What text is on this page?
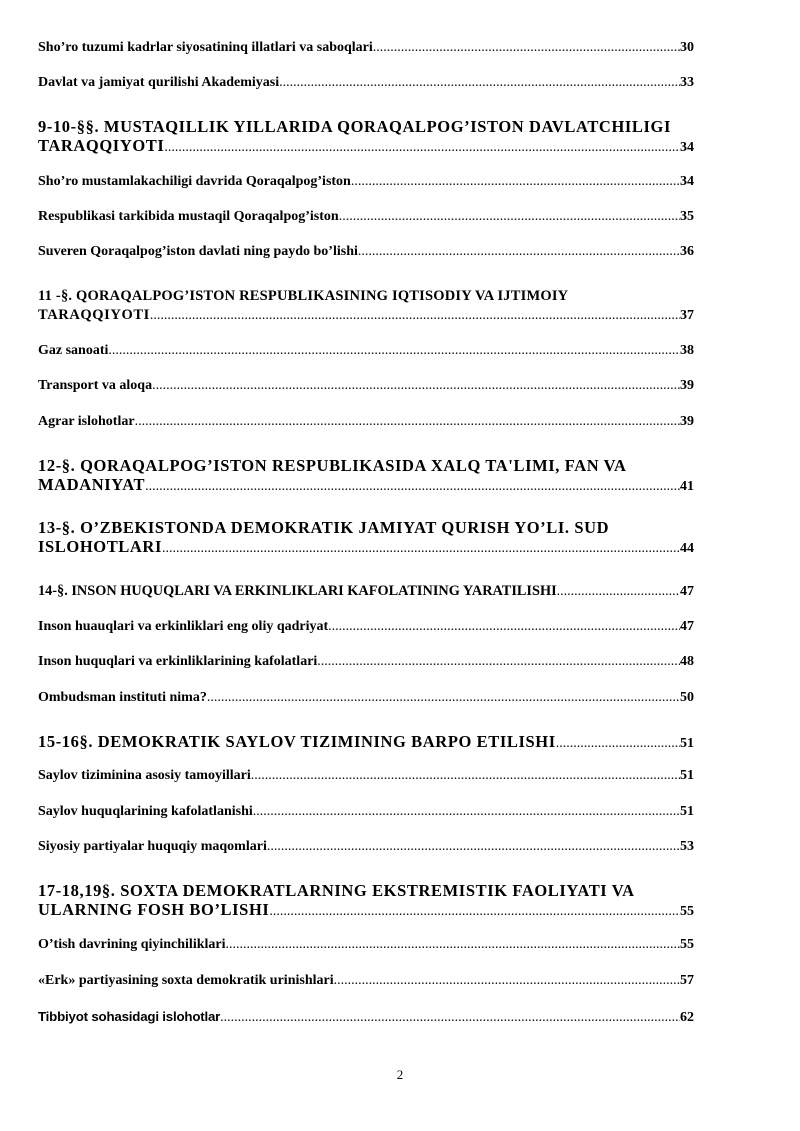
Sho’ro tuzumi kadrlar siyosatininq illatlari va saboqlari .....	30
Davlat va jamiyat qurilishi Akademiyasi .....	33
9-10-§§. MUSTAQILLIK YILLARIDA QORAQALPOG’ISTON DAVLATCHILIGI
TARAQQIYOTI .....	34
Sho’ro mustamlakachiligi davrida Qoraqalpog’iston .....	34
Respublikasi tarkibida mustaqil Qoraqalpog’iston .....	35
Suveren Qoraqalpog’iston davlati ning paydo bo’lishi .....	36
11 -§. QORAQALPOG’ISTON RESPUBLIKASINING IQTISODIY VA IJTIMOIY
TARAQQIYOTI .....	37
Gaz sanoati .....	38
Transport va aloqa .....	39
Agrar islohotlar .....	39
12-§. QORAQALPOG’ISTON RESPUBLIKASIDA XALQ TA'LIMI, FAN VA
MADANIYAT .....	41
13-§. O’ZBEKISTONDA DEMOKRATIK JAMIYAT QURISH YO’LI. SUD
ISLOHOTLARI .....	44
14-§. INSON HUQUQLARI VA ERKINLIKLARI KAFOLATINING YARATILISHI .....	47
Inson huauqlari va erkinliklari eng oliy qadriyat .....	47
Inson huquqlari va erkinliklarining kafolatlari .....	48
Ombudsman instituti nima? .....	50
15-16§. DEMOKRATIK SAYLOV TIZIMINING BARPO ETILISHI .....	51
Saylov tiziminina asosiy tamoyillari .....	51
Saylov huquqlarining kafolatlanishi .....	51
Siyosiy partiyalar huquqiy maqomlari .....	53
17-18,19§. SOXTA DEMOKRATLARNING EKSTREMISTIK FAOLIYATI VA
ULARNING FOSH BO’LISHI .....	55
O’tish davrining qiyinchiliklari .....	55
«Erk» partiyasining soxta demokratik urinishlari .....	57
Tibbiyot sohasidagi islohotlar .....	62
2
